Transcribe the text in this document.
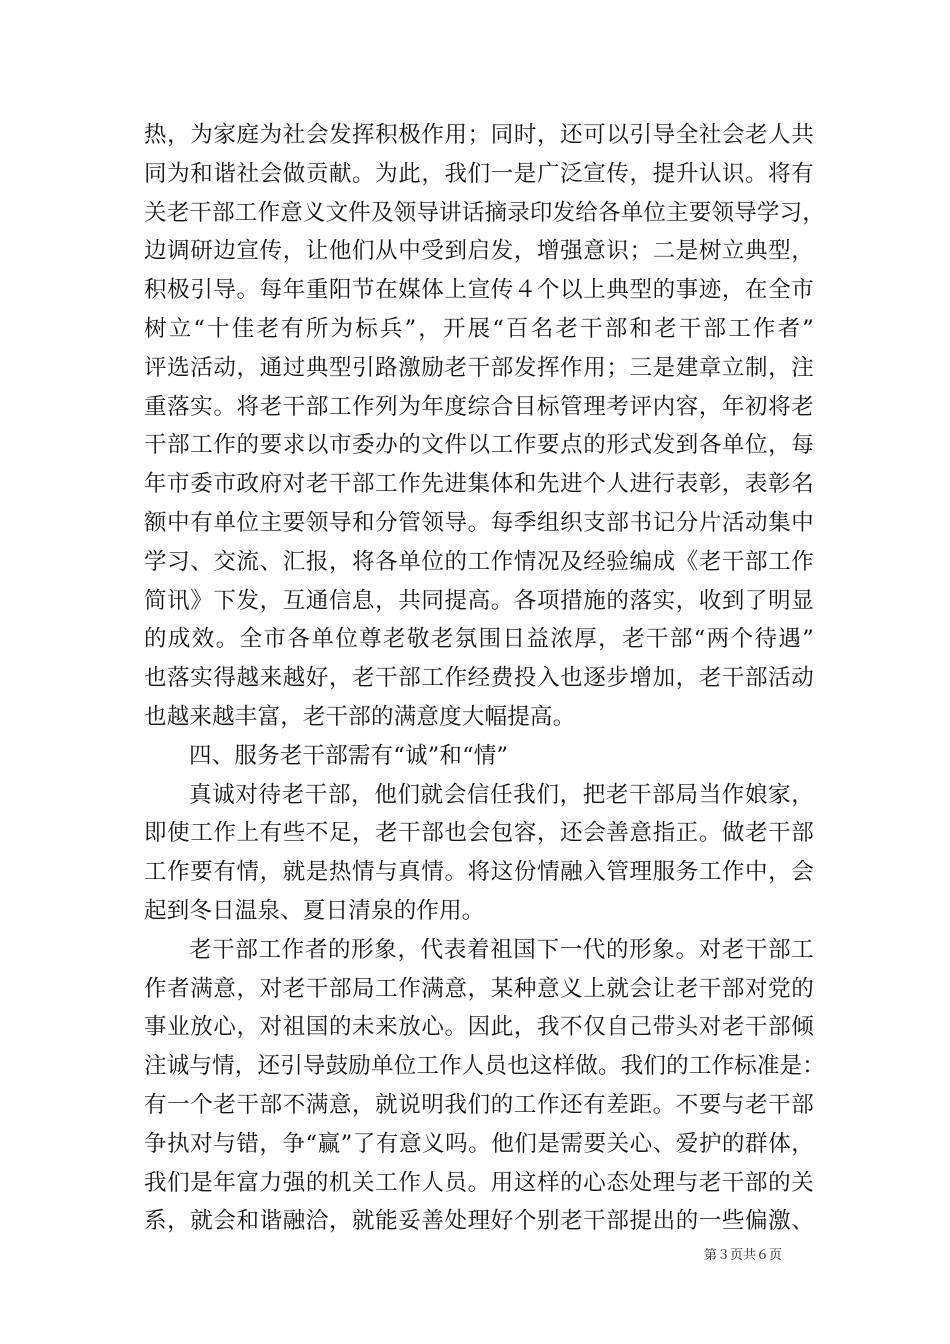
热，为家庭为社会发挥积极作用；同时，还可以引导全社会老人共
同为和谐社会做贡献。为此，我们一是广泛宣传，提升认识。将有
关老干部工作意义文件及领导讲话摘录印发给各单位主要领导学习，
边调研边宣传，让他们从中受到启发，增强意识；二是树立典型，
积极引导。每年重阳节在媒体上宣传４个以上典型的事迹，在全市
树立“十佳老有所为标兵”，开展“百名老干部和老干部工作者”
评选活动，通过典型引路激励老干部发挥作用；三是建章立制，注
重落实。将老干部工作列为年度综合目标管理考评内容，年初将老
干部工作的要求以市委办的文件以工作要点的形式发到各单位，每
年市委市政府对老干部工作先进集体和先进个人进行表彰，表彰名
额中有单位主要领导和分管领导。每季组织支部书记分片活动集中
学习、交流、汇报，将各单位的工作情况及经验编成《老干部工作
简讯》下发，互通信息，共同提高。各项措施的落实，收到了明显
的成效。全市各单位尊老敬老氛围日益浓厚，老干部“两个待遇”
也落实得越来越好，老干部工作经费投入也逐步增加，老干部活动
也越来越丰富，老干部的满意度大幅提高。
四、服务老干部需有“诚”和“情”
真诚对待老干部，他们就会信任我们，把老干部局当作娘家，
即使工作上有些不足，老干部也会包容，还会善意指正。做老干部
工作要有情，就是热情与真情。将这份情融入管理服务工作中，会
起到冬日温泉、夏日清泉的作用。
老干部工作者的形象，代表着祖国下一代的形象。对老干部工
作者满意，对老干部局工作满意，某种意义上就会让老干部对党的
事业放心，对祖国的未来放心。因此，我不仅自己带头对老干部倾
注诚与情，还引导鼓励单位工作人员也这样做。我们的工作标准是：
有一个老干部不满意，就说明我们的工作还有差距。不要与老干部
争执对与错，争“赢”了有意义吗。他们是需要关心、爱护的群体，
我们是年富力强的机关工作人员。用这样的心态处理与老干部的关
系，就会和谐融洽，就能妥善处理好个别老干部提出的一些偏激、
第３页共６页
